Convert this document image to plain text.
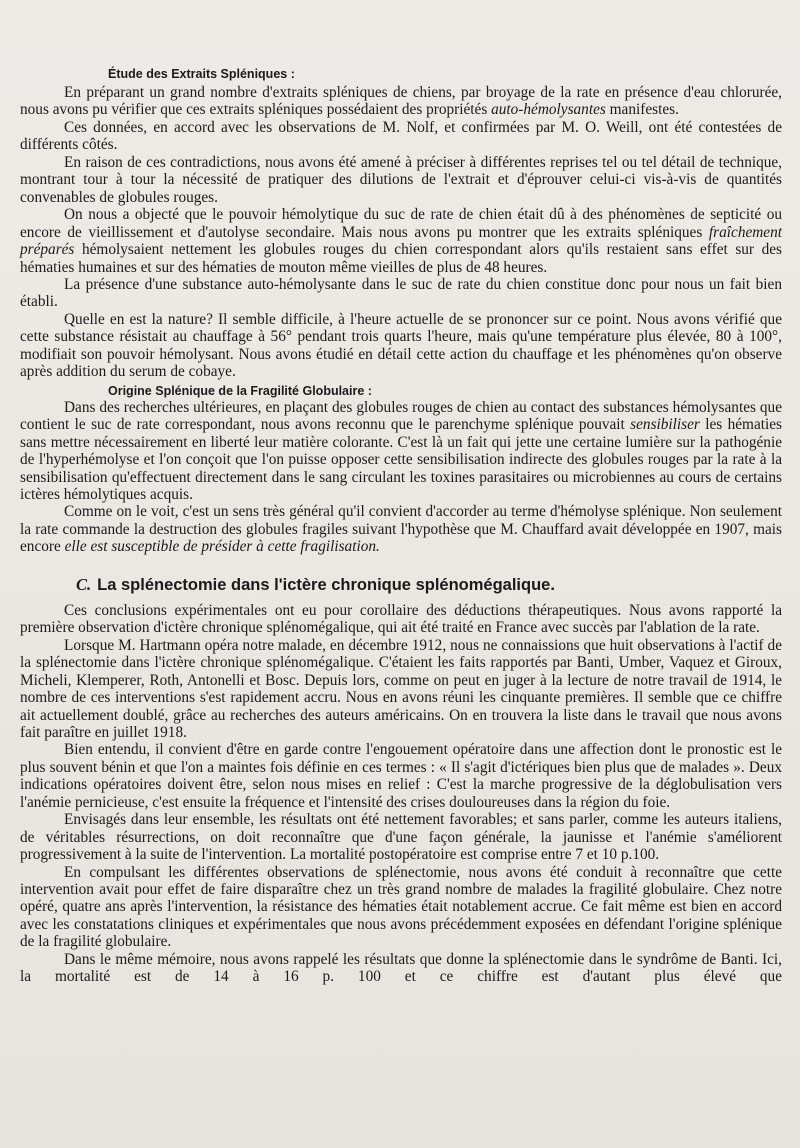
Étude des Extraits Spléniques :

En préparant un grand nombre d'extraits spléniques de chiens, par broyage de la rate en présence d'eau chlorurée, nous avons pu vérifier que ces extraits spléniques possédaient des propriétés auto-hémolysantes manifestes.

Ces données, en accord avec les observations de M. Nolf, et confirmées par M. O. Weill, ont été contestées de différents côtés.

En raison de ces contradictions, nous avons été amené à préciser à différentes reprises tel ou tel détail de technique, montrant tour à tour la nécessité de pratiquer des dilutions de l'extrait et d'éprouver celui-ci vis-à-vis de quantités convenables de globules rouges.

On nous a objecté que le pouvoir hémolytique du suc de rate de chien était dû à des phénomènes de septicité ou encore de vieillissement et d'autolyse secondaire. Mais nous avons pu montrer que les extraits spléniques fraîchement préparés hémolysaient nettement les globules rouges du chien correspondant alors qu'ils restaient sans effet sur des hématies humaines et sur des hématies de mouton même vieilles de plus de 48 heures.

La présence d'une substance auto-hémolysante dans le suc de rate du chien constitue donc pour nous un fait bien établi.

Quelle en est la nature? Il semble difficile, à l'heure actuelle de se prononcer sur ce point. Nous avons vérifié que cette substance résistait au chauffage à 56° pendant trois quarts l'heure, mais qu'une température plus élevée, 80 à 100°, modifiait son pouvoir hémolysant. Nous avons étudié en détail cette action du chauffage et les phénomènes qu'on observe après addition du serum de cobaye.

Origine Splénique de la Fragilité Globulaire :

Dans des recherches ultérieures, en plaçant des globules rouges de chien au contact des substances hémolysantes que contient le suc de rate correspondant, nous avons reconnu que le parenchyme splénique pouvait sensibiliser les hématies sans mettre nécessairement en liberté leur matière colorante. C'est là un fait qui jette une certaine lumière sur la pathogénie de l'hyperhémolyse et l'on conçoit que l'on puisse opposer cette sensibilisation indirecte des globules rouges par la rate à la sensibilisation qu'effectuent directement dans le sang circulant les toxines parasitaires ou microbiennes au cours de certains ictères hémolytiques acquis.

Comme on le voit, c'est un sens très général qu'il convient d'accorder au terme d'hémolyse splénique. Non seulement la rate commande la destruction des globules fragiles suivant l'hypothèse que M. Chauffard avait développée en 1907, mais encore elle est susceptible de présider à cette fragilisation.

C. La splénectomie dans l'ictère chronique splénomégalique.

Ces conclusions expérimentales ont eu pour corollaire des déductions thérapeutiques. Nous avons rapporté la première observation d'ictère chronique splénomégalique, qui ait été traité en France avec succès par l'ablation de la rate.

Lorsque M. Hartmann opéra notre malade, en décembre 1912, nous ne connaissions que huit observations à l'actif de la splénectomie dans l'ictère chronique splénomégalique. C'étaient les faits rapportés par Banti, Umber, Vaquez et Giroux, Micheli, Klemperer, Roth, Antonelli et Bosc. Depuis lors, comme on peut en juger à la lecture de notre travail de 1914, le nombre de ces interventions s'est rapidement accru. Nous en avons réuni les cinquante premières. Il semble que ce chiffre ait actuellement doublé, grâce au recherches des auteurs américains. On en trouvera la liste dans le travail que nous avons fait paraître en juillet 1918.

Bien entendu, il convient d'être en garde contre l'engouement opératoire dans une affection dont le pronostic est le plus souvent bénin et que l'on a maintes fois définie en ces termes : « Il s'agit d'ictériques bien plus que de malades ». Deux indications opératoires doivent être, selon nous mises en relief : C'est la marche progressive de la déglobulisation vers l'anémie pernicieuse, c'est ensuite la fréquence et l'intensité des crises douloureuses dans la région du foie.

Envisagés dans leur ensemble, les résultats ont été nettement favorables; et sans parler, comme les auteurs italiens, de véritables résurrections, on doit reconnaître que d'une façon générale, la jaunisse et l'anémie s'améliorent progressivement à la suite de l'intervention. La mortalité postopératoire est comprise entre 7 et 10 p.100.

En compulsant les différentes observations de splénectomie, nous avons été conduit à reconnaître que cette intervention avait pour effet de faire disparaître chez un très grand nombre de malades la fragilité globulaire. Chez notre opéré, quatre ans après l'intervention, la résistance des hématies était notablement accrue. Ce fait même est bien en accord avec les constatations cliniques et expérimentales que nous avons précédemment exposées en défendant l'origine splénique de la fragilité globulaire.

Dans le même mémoire, nous avons rappelé les résultats que donne la splénectomie dans le syndrôme de Banti. Ici, la mortalité est de 14 à 16 p. 100 et ce chiffre est d'autant plus élevé que
